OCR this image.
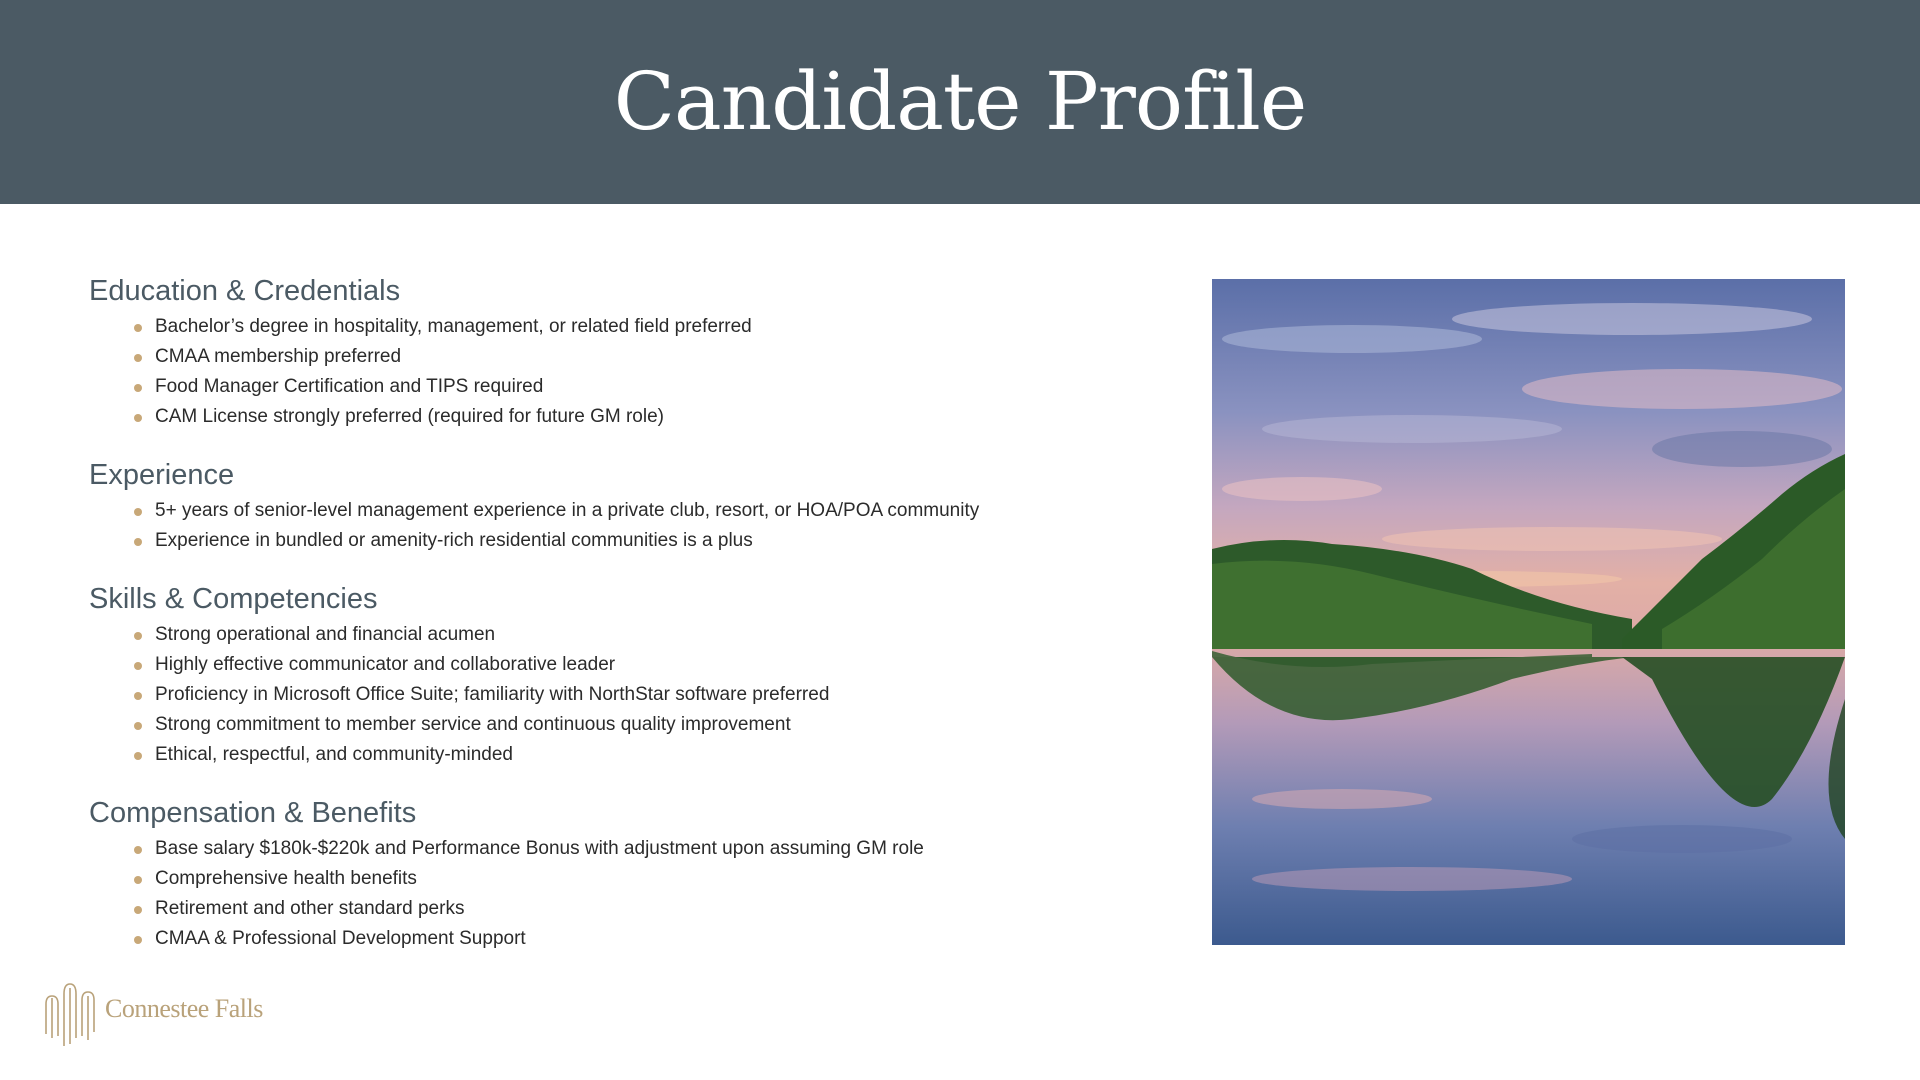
Candidate Profile
Education & Credentials
Bachelor’s degree in hospitality, management, or related field preferred
CMAA membership preferred
Food Manager Certification and TIPS required
CAM License strongly preferred (required for future GM role)
Experience
5+ years of senior-level management experience in a private club, resort, or HOA/POA community
Experience in bundled or amenity-rich residential communities is a plus
Skills & Competencies
Strong operational and financial acumen
Highly effective communicator and collaborative leader
Proficiency in Microsoft Office Suite; familiarity with NorthStar software preferred
Strong commitment to member service and continuous quality improvement
Ethical, respectful, and community-minded
Compensation & Benefits
Base salary $180k-$220k and Performance Bonus with adjustment upon assuming GM role
Comprehensive health benefits
Retirement and other standard perks
CMAA & Professional Development Support
Connestee Falls
